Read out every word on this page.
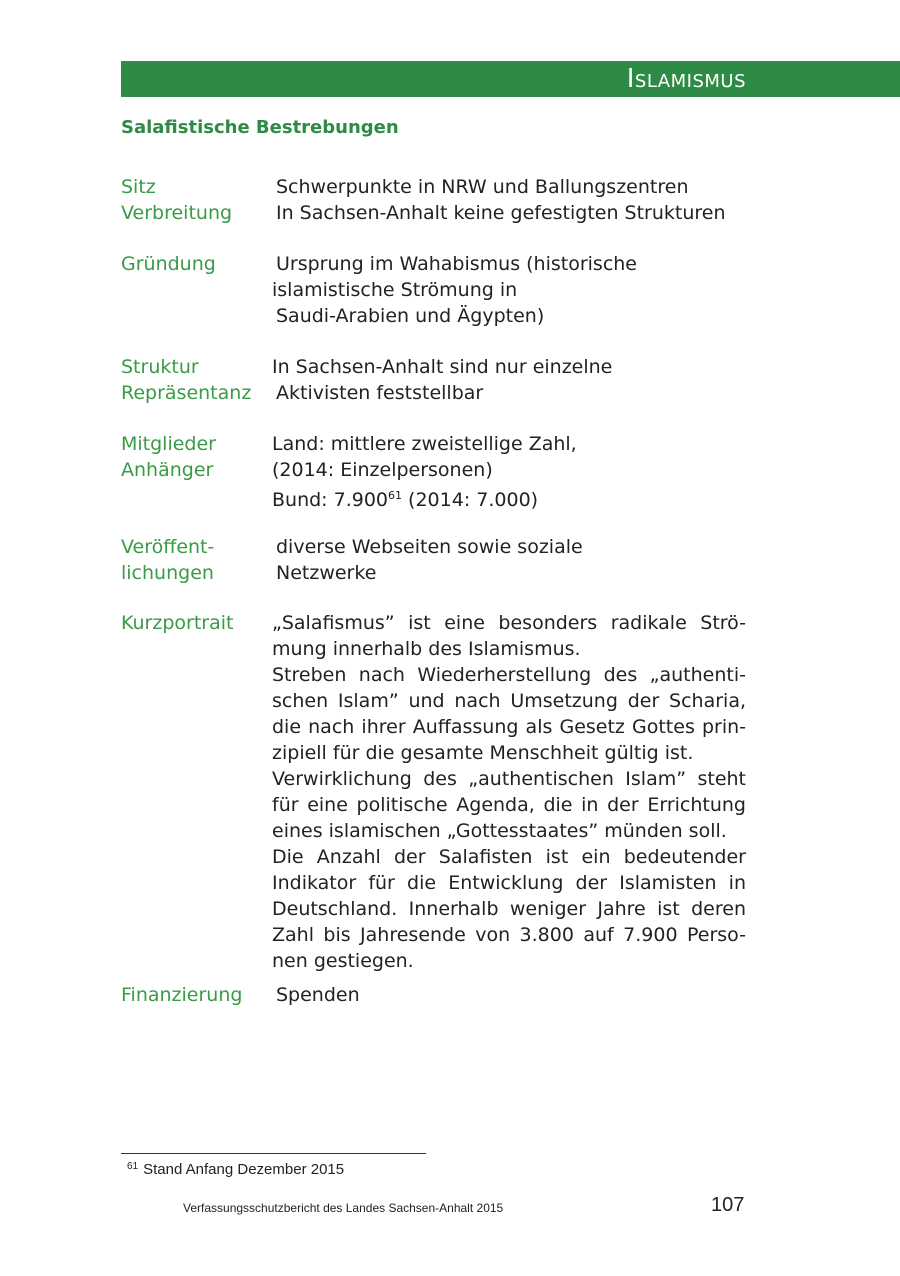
Islamismus
Salafistische Bestrebungen
Sitz
Verbreitung
Schwerpunkte in NRW und Ballungszentren
In Sachsen-Anhalt keine gefestigten Strukturen
Gründung	Ursprung im Wahabismus (historische
islamistische Strömung in
Saudi-Arabien und Ägypten)
Struktur
Repräsentanz
In Sachsen-Anhalt sind nur einzelne
Aktivisten feststellbar
Mitglieder
Anhänger
Land: mittlere zweistellige Zahl,
(2014: Einzelpersonen)
Bund: 7.900$^{61}$ (2014: 7.000)
Veröffent-
lichungen
diverse Webseiten sowie soziale
Netzwerke
Kurzportrait „Salafismus” ist eine besonders radikale Strö-
mung innerhalb des Islamismus.
Streben nach Wiederherstellung des „authenti-
schen Islam” und nach Umsetzung der Scharia,
die nach ihrer Auffassung als Gesetz Gottes prin-
zipiell für die gesamte Menschheit gültig ist.
Verwirklichung des „authentischen Islam” steht
für eine politische Agenda, die in der Errichtung
eines islamischen „Gottesstaates” münden soll.
Die Anzahl der Salafisten ist ein bedeutender
Indikator für die Entwicklung der Islamisten in
Deutschland. Innerhalb weniger Jahre ist deren
Zahl bis Jahresende von 3.800 auf 7.900 Perso-
nen gestiegen.
Finanzierung Spenden
$^{61}$ Stand Anfang Dezember 2015
Verfassungsschutzbericht des Landes Sachsen-Anhalt 2015	107
